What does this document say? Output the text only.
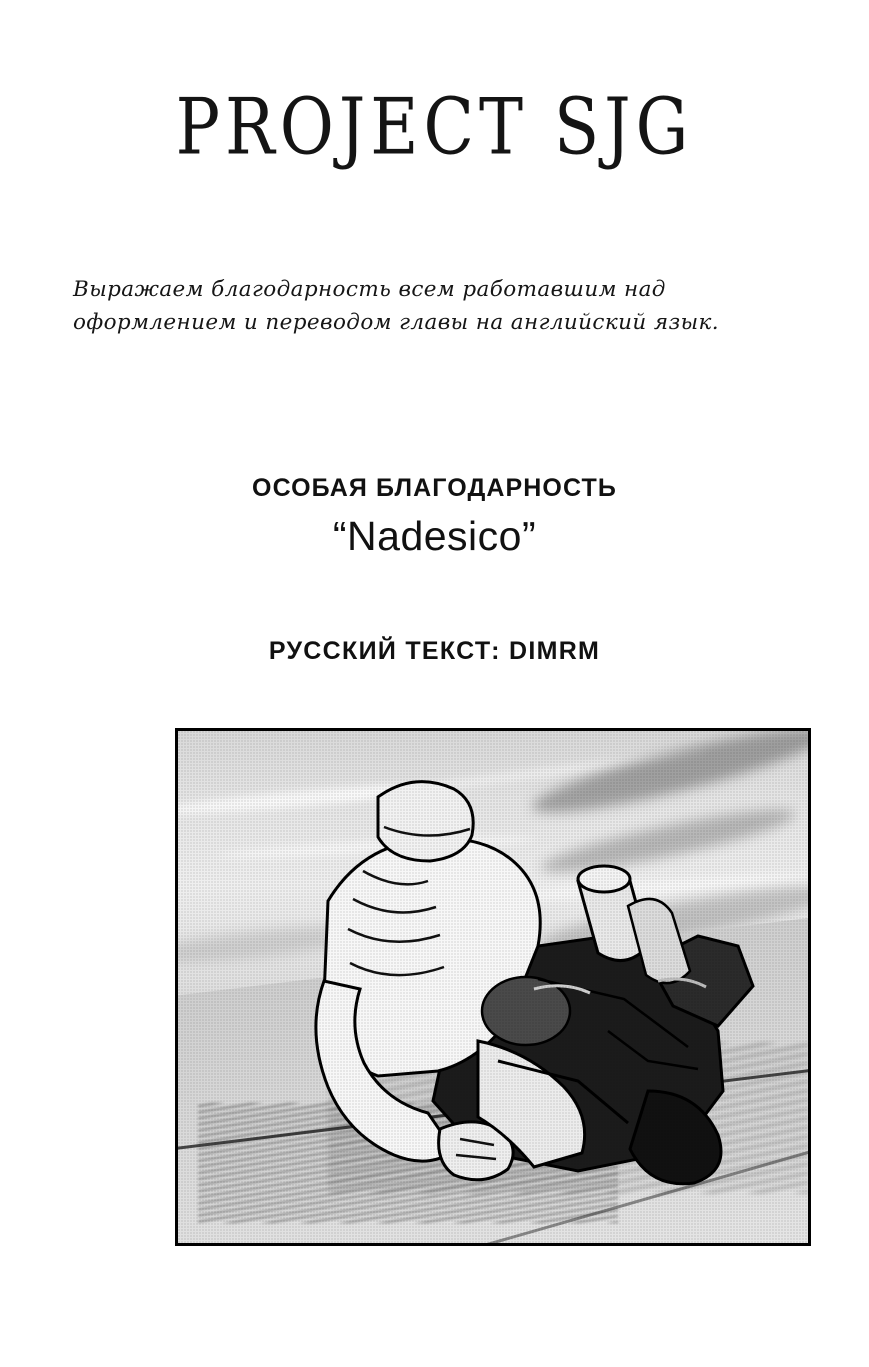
PROJECT SJG
Выражаем благодарность всем работавшим над оформлением и переводом главы на английский язык.
ОСОБАЯ БЛАГОДАРНОСТЬ
“Nadesico”
РУССКИЙ ТЕКСТ: DIMRM
